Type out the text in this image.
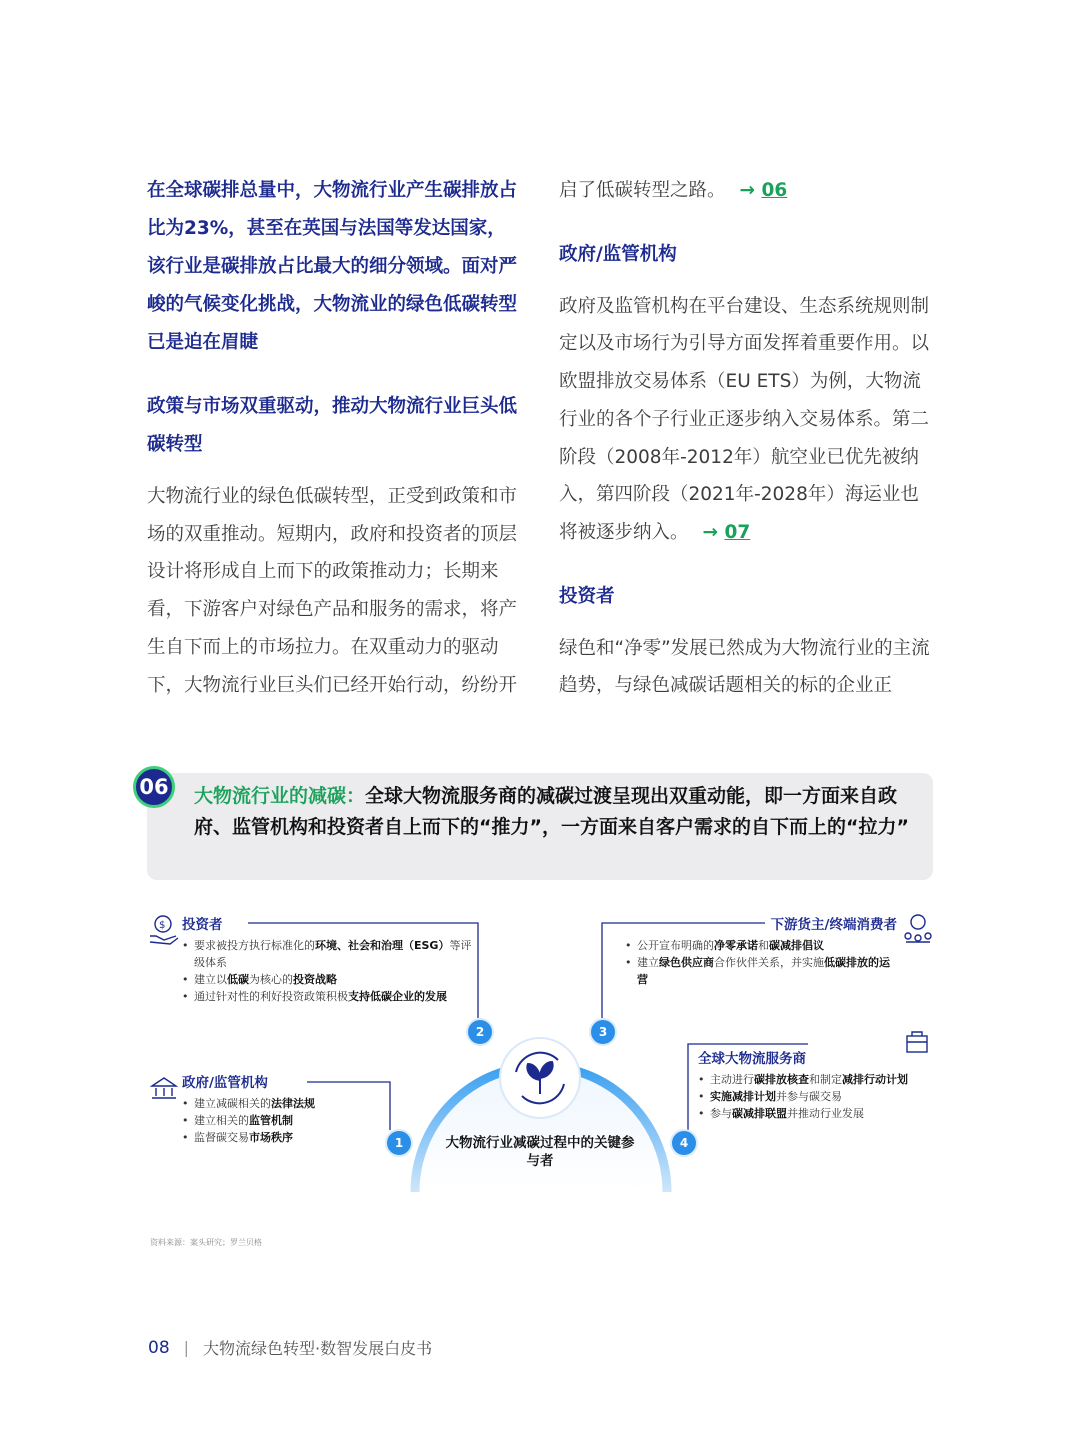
在全球碳排总量中，大物流行业产生碳排放占比为23%，甚至在英国与法国等发达国家，该行业是碳排放占比最大的细分领域。面对严峻的气候变化挑战，大物流业的绿色低碳转型已是迫在眉睫

政策与市场双重驱动，推动大物流行业巨头低碳转型

大物流行业的绿色低碳转型，正受到政策和市场的双重推动。短期内，政府和投资者的顶层设计将形成自上而下的政策推动力；长期来看，下游客户对绿色产品和服务的需求，将产生自下而上的市场拉力。在双重动力的驱动下，大物流行业巨头们已经开始行动，纷纷开

启了低碳转型之路。 → 06

政府/监管机构

政府及监管机构在平台建设、生态系统规则制定以及市场行为引导方面发挥着重要作用。以欧盟排放交易体系（EU ETS）为例，大物流行业的各个子行业正逐步纳入交易体系。第二阶段（2008年-2012年）航空业已优先被纳入，第四阶段（2021年-2028年）海运业也将被逐步纳入。 → 07

投资者

绿色和“净零”发展已然成为大物流行业的主流趋势，与绿色减碳话题相关的标的企业正

06	大物流行业的减碳：全球大物流服务商的减碳过渡呈现出双重动能，即一方面来自政府、监管机构和投资者自上而下的“推力”，一方面来自客户需求的自下而上的“拉力”
$
1
2	3
4
大物流行业减碳过程中的关键参与者
投资者
• 要求被投方执行标准化的环境、社会和治理（ESG）等评级体系
• 建立以低碳为核心的投资战略
• 通过针对性的利好投资政策积极支持低碳企业的发展
政府/监管机构
• 建立减碳相关的法律法规
• 建立相关的监管机制
• 监督碳交易市场秩序
下游货主/终端消费者
• 公开宣布明确的净零承诺和碳减排倡议
• 建立绿色供应商合作伙伴关系，并实施低碳排放的运营
全球大物流服务商
• 主动进行碳排放核查和制定减排行动计划
• 实施减排计划并参与碳交易
• 参与碳减排联盟并推动行业发展
资料来源：案头研究；罗兰贝格
08 | 大物流绿色转型·数智发展白皮书
